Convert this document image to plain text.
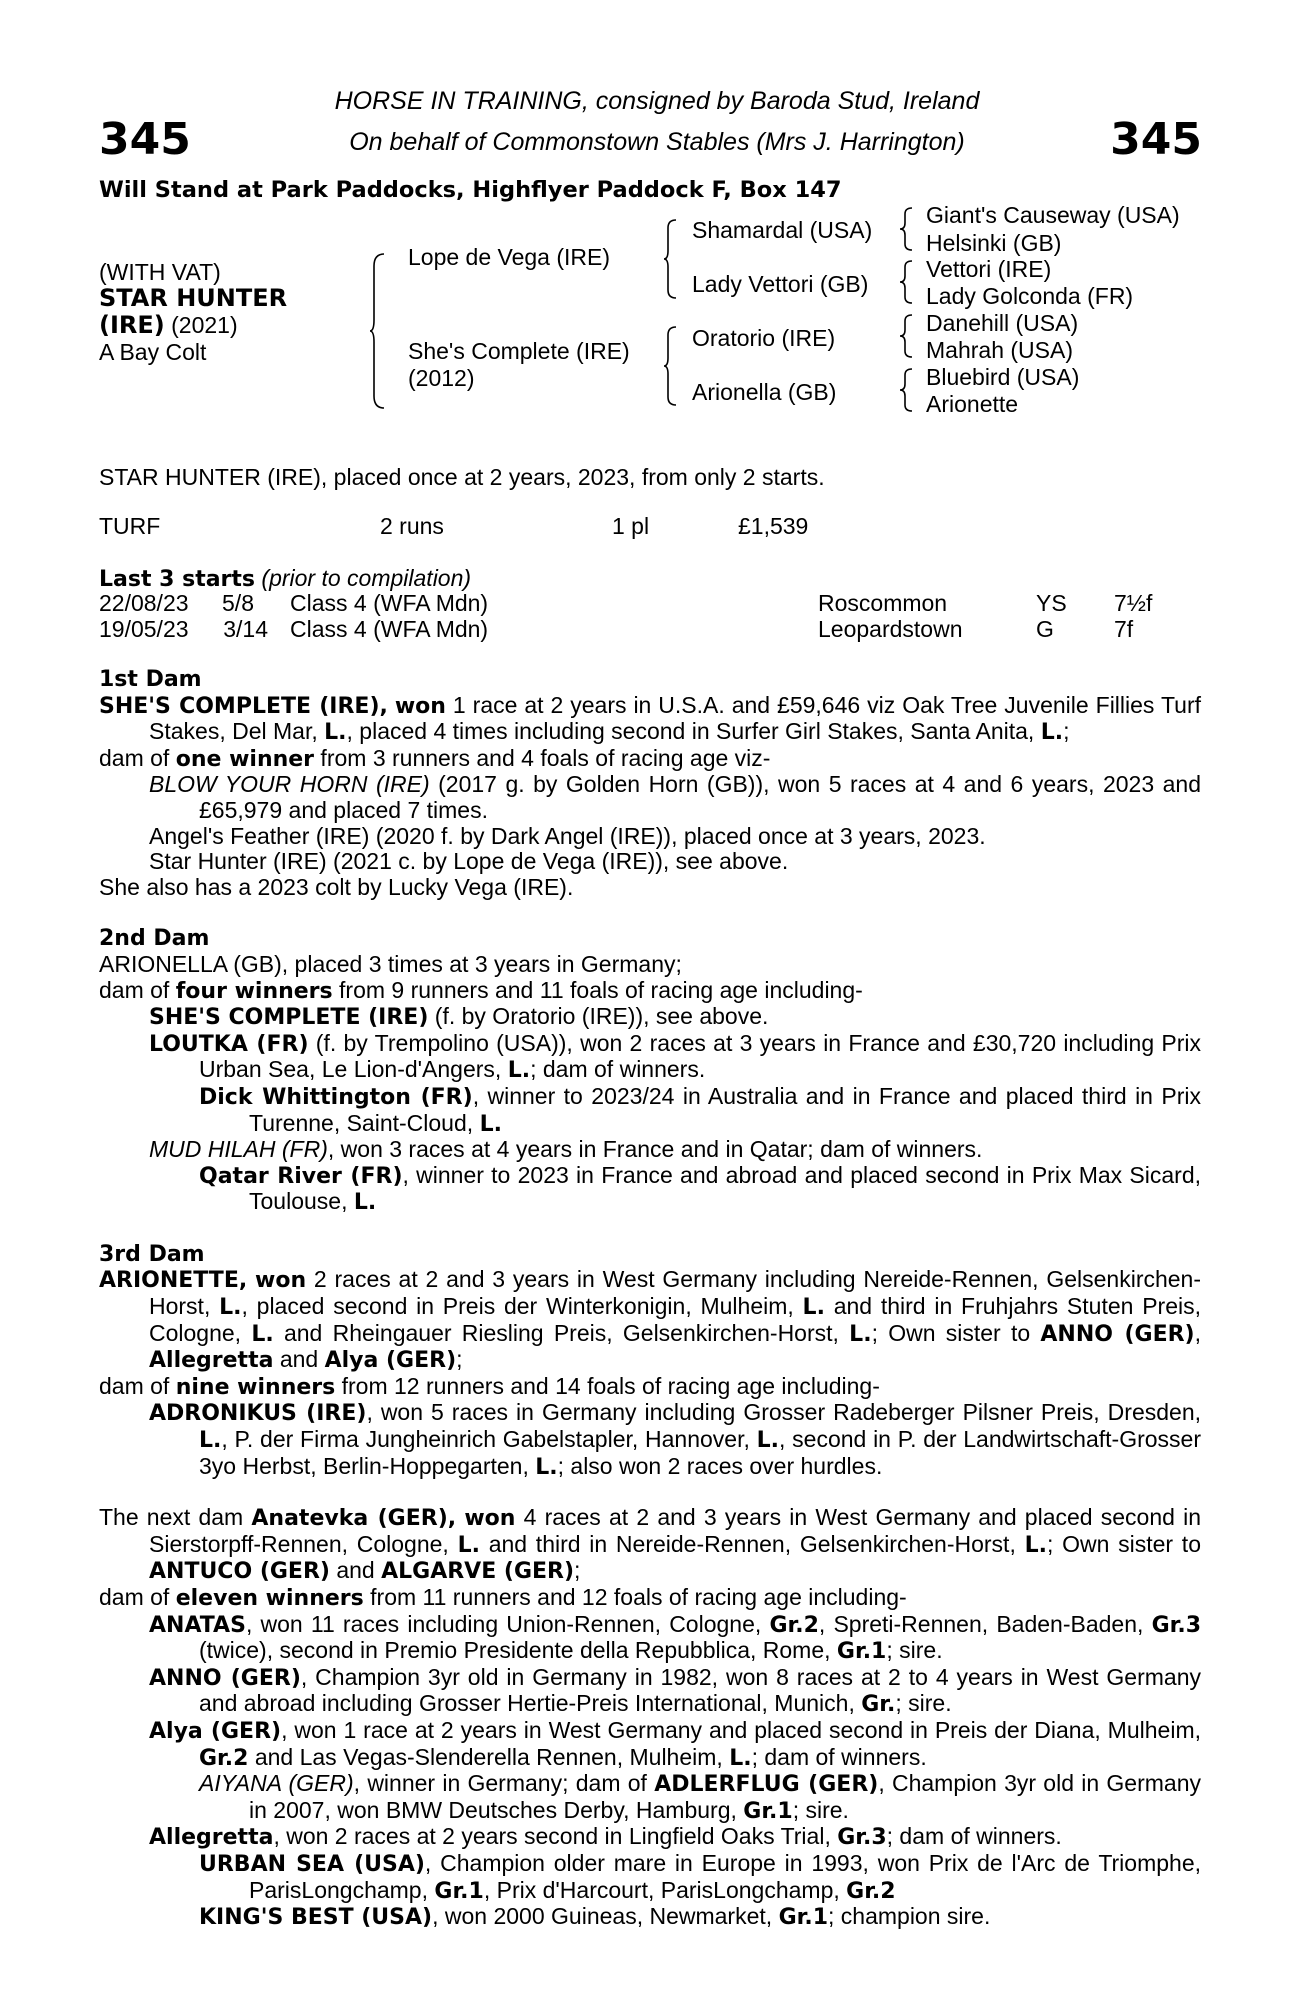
345	345
HORSE IN TRAINING, consigned by Baroda Stud, Ireland
On behalf of Commonstown Stables (Mrs J. Harrington)
Will Stand at Park Paddocks, Highflyer Paddock F, Box 147
(WITH VAT)
STAR HUNTER
(IRE) (2021)
A Bay Colt
Lope de Vega (IRE)
She's Complete (IRE)
(2012)
Shamardal (USA)
Lady Vettori (GB)
Oratorio (IRE)
Arionella (GB)
Giant's Causeway (USA)
Helsinki (GB)
Vettori (IRE)
Lady Golconda (FR)
Danehill (USA)
Mahrah (USA)
Bluebird (USA)
Arionette
STAR HUNTER (IRE), placed once at 2 years, 2023, from only 2 starts.
TURF	2 runs	1 pl	£1,539
Last 3 starts (prior to compilation)
22/08/23	5/8 Class 4 (WFA Mdn)	Roscommon	YS 7½f
19/05/23	3/14 Class 4 (WFA Mdn)	Leopardstown	G	7f

1st Dam

SHE'S COMPLETE (IRE), won 1 race at 2 years in U.S.A. and £59,646 viz Oak Tree Juvenile Fillies Turf Stakes, Del Mar, L., placed 4 times including second in Surfer Girl Stakes, Santa Anita, L.;

dam of one winner from 3 runners and 4 foals of racing age viz-

BLOW YOUR HORN (IRE) (2017 g. by Golden Horn (GB)), won 5 races at 4 and 6 years, 2023 and £65,979 and placed 7 times.

Angel's Feather (IRE) (2020 f. by Dark Angel (IRE)), placed once at 3 years, 2023.

Star Hunter (IRE) (2021 c. by Lope de Vega (IRE)), see above.

She also has a 2023 colt by Lucky Vega (IRE).

2nd Dam

ARIONELLA (GB), placed 3 times at 3 years in Germany;

dam of four winners from 9 runners and 11 foals of racing age including-

SHE'S COMPLETE (IRE) (f. by Oratorio (IRE)), see above.

LOUTKA (FR) (f. by Trempolino (USA)), won 2 races at 3 years in France and £30,720 including Prix Urban Sea, Le Lion-d'Angers, L.; dam of winners.

Dick Whittington (FR), winner to 2023/24 in Australia and in France and placed third in Prix Turenne, Saint-Cloud, L.

MUD HILAH (FR), won 3 races at 4 years in France and in Qatar; dam of winners.

Qatar River (FR), winner to 2023 in France and abroad and placed second in Prix Max Sicard, Toulouse, L.

3rd Dam

ARIONETTE, won 2 races at 2 and 3 years in West Germany including Nereide-Rennen, Gelsenkirchen-Horst, L., placed second in Preis der Winterkonigin, Mulheim, L. and third in Fruhjahrs Stuten Preis, Cologne, L. and Rheingauer Riesling Preis, Gelsenkirchen-Horst, L.; Own sister to ANNO (GER), Allegretta and Alya (GER);

dam of nine winners from 12 runners and 14 foals of racing age including-

ADRONIKUS (IRE), won 5 races in Germany including Grosser Radeberger Pilsner Preis, Dresden, L., P. der Firma Jungheinrich Gabelstapler, Hannover, L., second in P. der Landwirtschaft-Grosser 3yo Herbst, Berlin-Hoppegarten, L.; also won 2 races over hurdles.

The next dam Anatevka (GER), won 4 races at 2 and 3 years in West Germany and placed second in Sierstorpff-Rennen, Cologne, L. and third in Nereide-Rennen, Gelsenkirchen-Horst, L.; Own sister to ANTUCO (GER) and ALGARVE (GER);

dam of eleven winners from 11 runners and 12 foals of racing age including-

ANATAS, won 11 races including Union-Rennen, Cologne, Gr.2, Spreti-Rennen, Baden-Baden, Gr.3 (twice), second in Premio Presidente della Repubblica, Rome, Gr.1; sire.

ANNO (GER), Champion 3yr old in Germany in 1982, won 8 races at 2 to 4 years in West Germany and abroad including Grosser Hertie-Preis International, Munich, Gr.; sire.

Alya (GER), won 1 race at 2 years in West Germany and placed second in Preis der Diana, Mulheim, Gr.2 and Las Vegas-Slenderella Rennen, Mulheim, L.; dam of winners.

AIYANA (GER), winner in Germany; dam of ADLERFLUG (GER), Champion 3yr old in Germany in 2007, won BMW Deutsches Derby, Hamburg, Gr.1; sire.

Allegretta, won 2 races at 2 years second in Lingfield Oaks Trial, Gr.3; dam of winners.

URBAN SEA (USA), Champion older mare in Europe in 1993, won Prix de l'Arc de Triomphe, ParisLongchamp, Gr.1, Prix d'Harcourt, ParisLongchamp, Gr.2

KING'S BEST (USA), won 2000 Guineas, Newmarket, Gr.1; champion sire.
